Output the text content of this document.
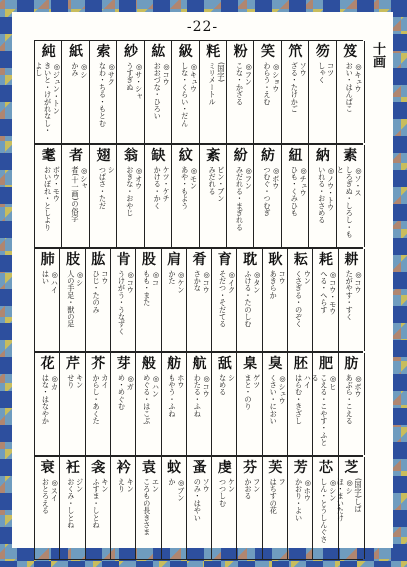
-22-
十画
笈
◎キュウ
おい・はんばこ
笏
コツ
しゃく
笊
ソウ
ざる・たけかご
笑
◎ショウ
わらう・えむ
粉
◎フン
こな・かざる
粍
(国字)
ミリメートル
級
◎キュウ
しな・くらい・だん
紘
◎コウ
おおづな・ひろい
紗
◎サ・シャ
うすぎぬ
索
◎サク
なわ・ちる・もとむ
紙
◎シ
かみ
純
◎ジュン・トン
きいと・けがれなし・よし
素
◎ソ・ス
しろぎぬ・しろし・もと
納
◎ノウ・トウ
いれる・おさめる
紐
◎チュウ
ひも・くみひも
紡
◎ボウ
つむぐ・つむぎ
紛
◎フン
みだれる・まぎれる
紊
ビン・ブン
みだれる
紋
◎モン
あや・もよう
缺
ケツ・ケチ
かける・かく
翁
◎オウ
おきな・おやじ
翅
シ
つばさ・ただ
者
◎シャ
者(十一画)の俗字
耄
ボウ・モウ
おいぼれ・としより
耕
◎コウ
たがやす・すく
耗
◎コウ・モウ
へる・へらす
耘
ウン
くさぎる・のぞく
耿
コウ
あきらか
耽
◎タン
ふける・たのしむ
育
◎イク
そだつ・そだてる
肴
◎コウ
さかな
肩
◎ケン
かた
股
◎コ
もも・また
肯
◎コウ
うけがう・うなずく
肱
コウ
ひじ・たのみ
肢
◎シ
人の手足・獣の足
肺
◎ハイ
はい
肪
◎ボウ
あぶら・こえる
肥
◎ヒ
こえる・こやす・ふとる
胚
ハイ
はらむ・きざし
臭
◎シュウ
くさい・におい
臬
ゲツ
まと・のり
舐
シ
なめる
航
◎コウ
わたる・ふね
舫
ホウ
もやう・ふね
般
◎ハン
めぐる・はこぶ
芽
◎ガ
め・めぐむ
芥
カイ
からし・あくた
芹
キン
せり
花
◎カ
はな・はなやか
芝
(国字)しば
◎シ
ほ・まいたけ
芯
◎シン
しん・とうしんぐさ
芳
◎ホウ
かおり・よい
芙
フ
はちすの花
芬
フン
かおる
虔
ケン
つつしむ
蚤
ソウ
のみ・はやい
蚊
◎ブン
か
袁
エン
ころもの長きさま
衿
キン
えり
衾
キン
ふすま・しとね
衽
ジン
おくみ・しとね
衰
◎スイ
おとろえる
